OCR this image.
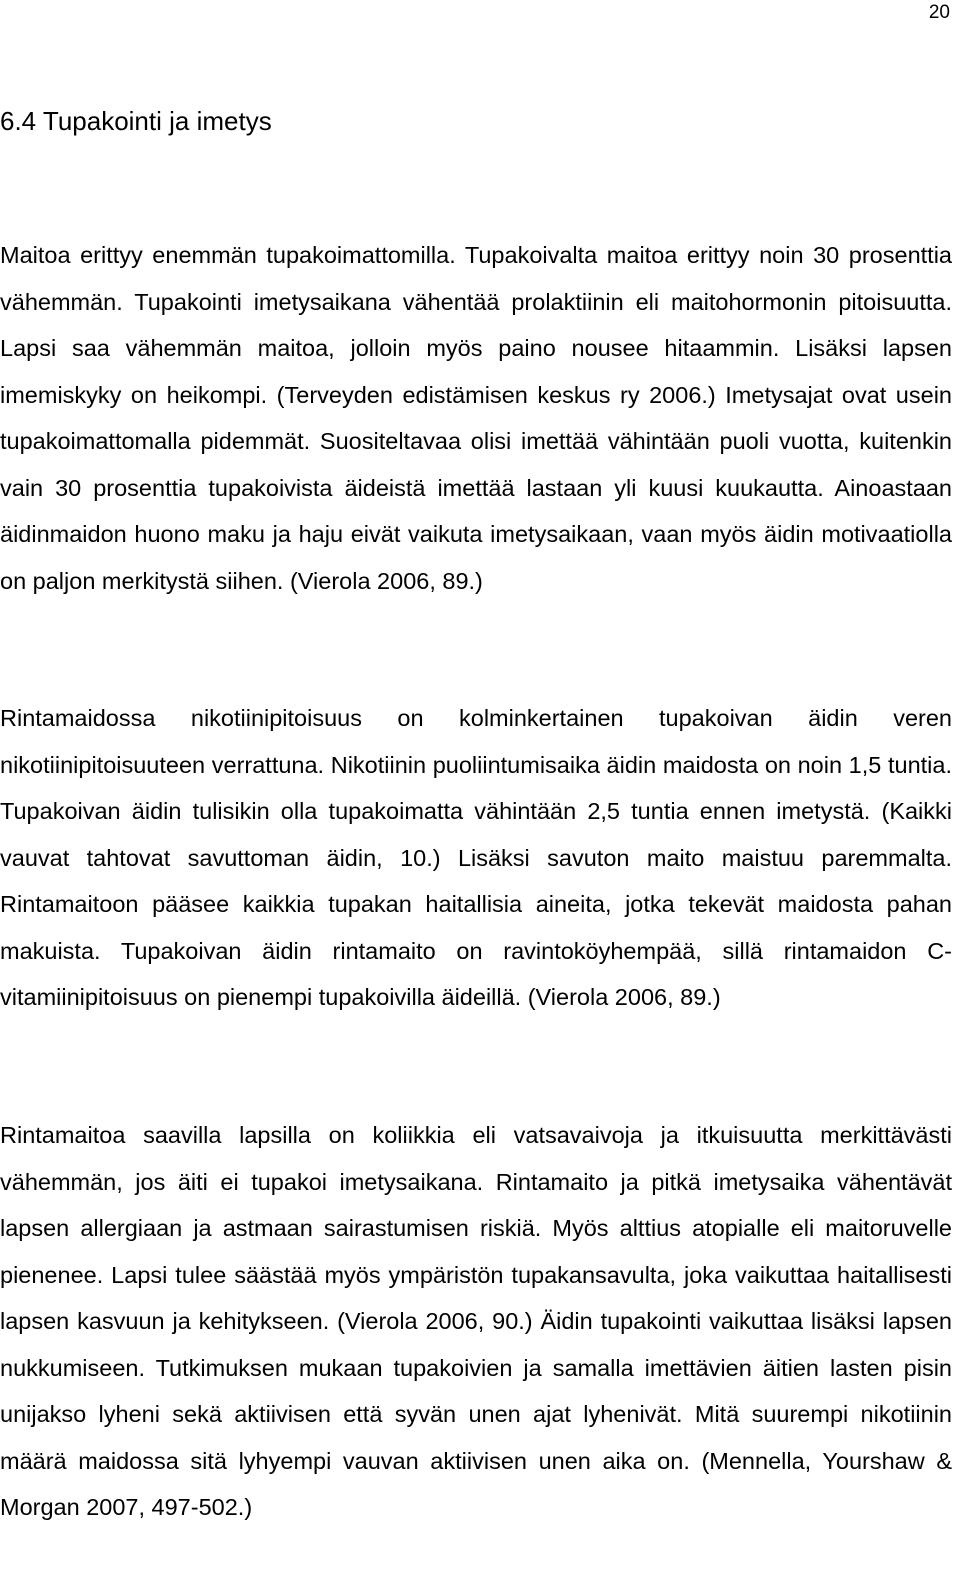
20
6.4 Tupakointi ja imetys

Maitoa erittyy enemmän tupakoimattomilla. Tupakoivalta maitoa erittyy noin 30 prosenttia vähemmän. Tupakointi imetysaikana vähentää prolaktiinin eli maitohormonin pitoisuutta. Lapsi saa vähemmän maitoa, jolloin myös paino nousee hitaammin. Lisäksi lapsen imemiskyky on heikompi. (Terveyden edistämisen keskus ry 2006.) Imetysajat ovat usein tupakoimattomalla pidemmät. Suositeltavaa olisi imettää vähintään puoli vuotta, kuitenkin vain 30 prosenttia tupakoivista äideistä imettää lastaan yli kuusi kuukautta. Ainoastaan äidinmaidon huono maku ja haju eivät vaikuta imetysaikaan, vaan myös äidin motivaatiolla on paljon merkitystä siihen. (Vierola 2006, 89.)

Rintamaidossa nikotiinipitoisuus on kolminkertainen tupakoivan äidin veren nikotiinipitoisuuteen verrattuna. Nikotiinin puoliintumisaika äidin maidosta on noin 1,5 tuntia. Tupakoivan äidin tulisikin olla tupakoimatta vähintään 2,5 tuntia ennen imetystä. (Kaikki vauvat tahtovat savuttoman äidin, 10.) Lisäksi savuton maito maistuu paremmalta. Rintamaitoon pääsee kaikkia tupakan haitallisia aineita, jotka tekevät maidosta pahan makuista. Tupakoivan äidin rintamaito on ravintoköyhempää, sillä rintamaidon C-vitamiinipitoisuus on pienempi tupakoivilla äideillä. (Vierola 2006, 89.)

Rintamaitoa saavilla lapsilla on koliikkia eli vatsavaivoja ja itkuisuutta merkittävästi vähemmän, jos äiti ei tupakoi imetysaikana. Rintamaito ja pitkä imetysaika vähentävät lapsen allergiaan ja astmaan sairastumisen riskiä. Myös alttius atopialle eli maitoruvelle pienenee. Lapsi tulee säästää myös ympäristön tupakansavulta, joka vaikuttaa haitallisesti lapsen kasvuun ja kehitykseen. (Vierola 2006, 90.) Äidin tupakointi vaikuttaa lisäksi lapsen nukkumiseen. Tutkimuksen mukaan tupakoivien ja samalla imettävien äitien lasten pisin unijakso lyheni sekä aktiivisen että syvän unen ajat lyhenivät. Mitä suurempi nikotiinin määrä maidossa sitä lyhyempi vauvan aktiivisen unen aika on. (Mennella, Yourshaw & Morgan 2007, 497-502.)
